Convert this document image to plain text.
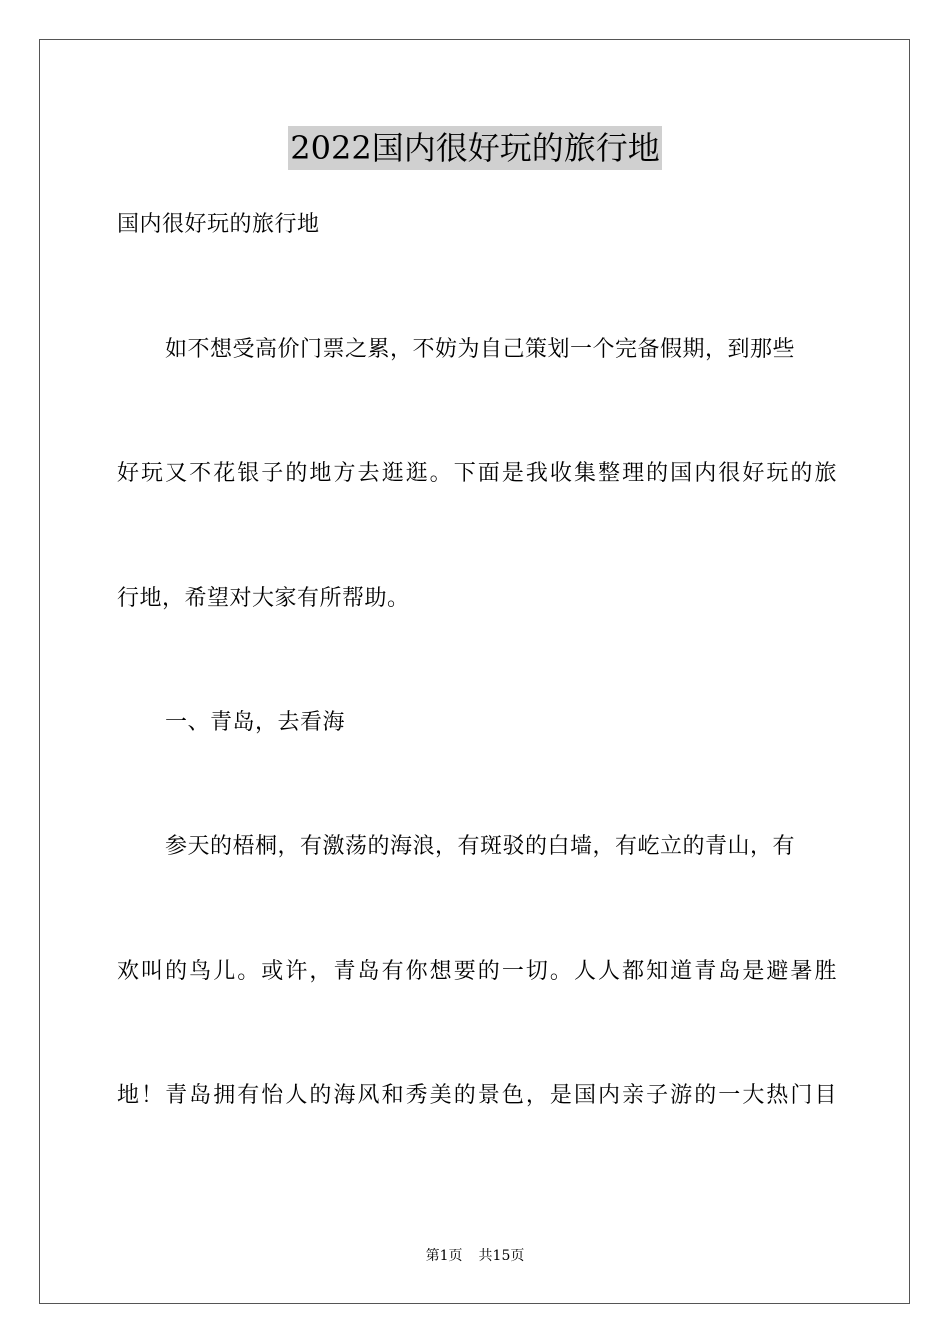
2022国内很好玩的旅行地
国内很好玩的旅行地
如不想受高价门票之累，不妨为自己策划一个完备假期，到那些
好玩又不花银子的地方去逛逛。下面是我收集整理的国内很好玩的旅
行地，希望对大家有所帮助。
一、青岛，去看海
参天的梧桐，有激荡的海浪，有斑驳的白墙，有屹立的青山，有
欢叫的鸟儿。或许，青岛有你想要的一切。人人都知道青岛是避暑胜
地！青岛拥有怡人的海风和秀美的景色，是国内亲子游的一大热门目
第1页 共15页
